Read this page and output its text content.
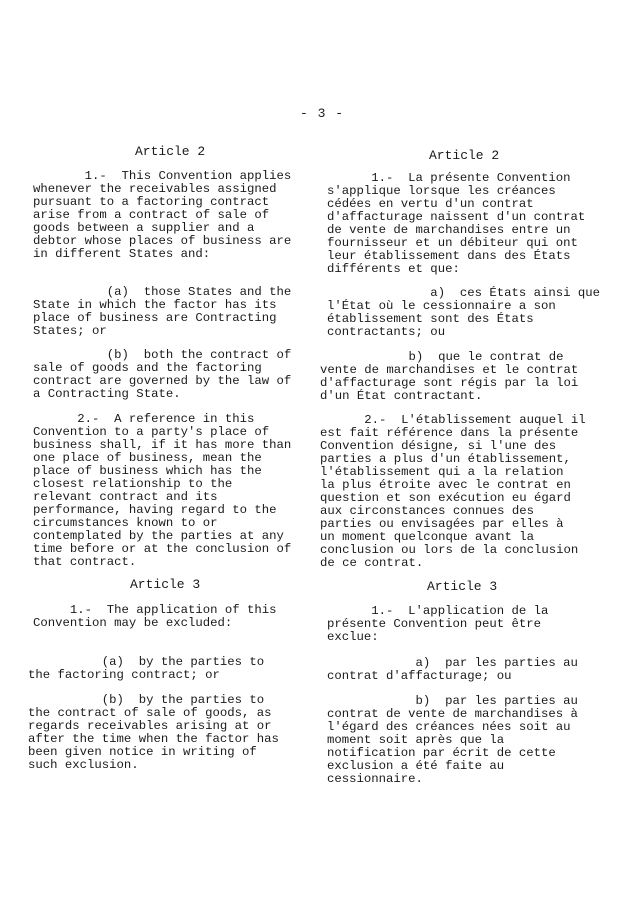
- 3 -
Article 2
1.-  This Convention applies
whenever the receivables assigned
pursuant to a factoring contract
arise from a contract of sale of
goods between a supplier and a
debtor whose places of business are
in different States and:
(a)  those States and the
State in which the factor has its
place of business are Contracting
States; or
(b)  both the contract of
sale of goods and the factoring
contract are governed by the law of
a Contracting State.
2.-  A reference in this
Convention to a party's place of
business shall, if it has more than
one place of business, mean the
place of business which has the
closest relationship to the
relevant contract and its
performance, having regard to the
circumstances known to or
contemplated by the parties at any
time before or at the conclusion of
that contract.
Article 3
1.-  The application of this
Convention may be excluded:
(a)  by the parties to
the factoring contract; or
(b)  by the parties to
the contract of sale of goods, as
regards receivables arising at or
after the time when the factor has
been given notice in writing of
such exclusion.
Article 2
1.-  La présente Convention
s'applique lorsque les créances
cédées en vertu d'un contrat
d'affacturage naissent d'un contrat
de vente de marchandises entre un
fournisseur et un débiteur qui ont
leur établissement dans des États
différents et que:
a)  ces États ainsi que
l'État où le cessionnaire a son
établissement sont des États
contractants; ou
b)  que le contrat de
vente de marchandises et le contrat
d'affacturage sont régis par la loi
d'un État contractant.
2.-  L'établissement auquel il
est fait référence dans la présente
Convention désigne, si l'une des
parties a plus d'un établissement,
l'établissement qui a la relation
la plus étroite avec le contrat en
question et son exécution eu égard
aux circonstances connues des
parties ou envisagées par elles à
un moment quelconque avant la
conclusion ou lors de la conclusion
de ce contrat.
Article 3
1.-  L'application de la
présente Convention peut être
exclue:
a)  par les parties au
contrat d'affacturage; ou
b)  par les parties au
contrat de vente de marchandises à
l'égard des créances nées soit au
moment soit après que la
notification par écrit de cette
exclusion a été faite au
cessionnaire.
